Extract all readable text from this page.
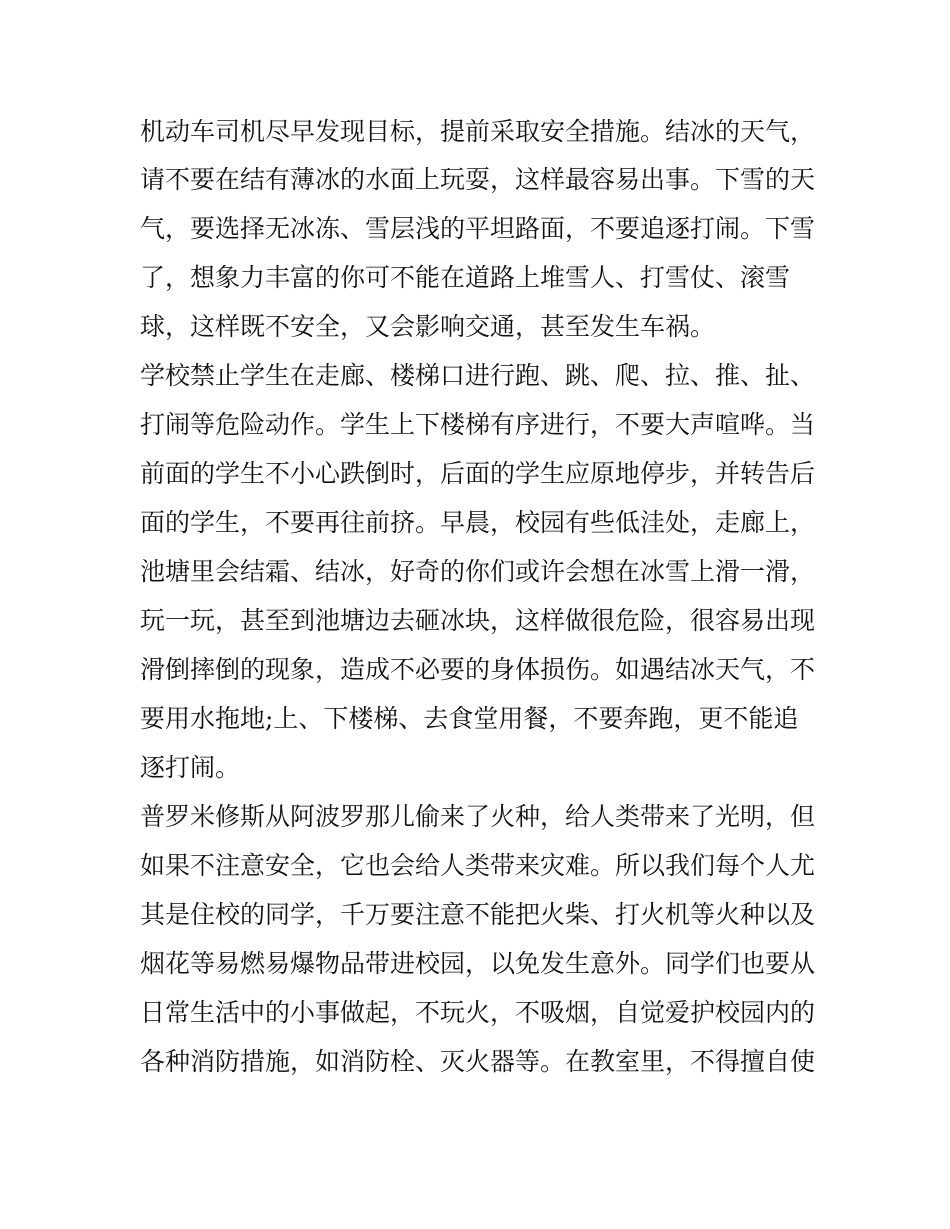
机动车司机尽早发现目标，提前采取安全措施。结冰的天气，

请不要在结有薄冰的水面上玩耍，这样最容易出事。下雪的天

气，要选择无冰冻、雪层浅的平坦路面，不要追逐打闹。下雪

了，想象力丰富的你可不能在道路上堆雪人、打雪仗、滚雪

球，这样既不安全，又会影响交通，甚至发生车祸。

学校禁止学生在走廊、楼梯口进行跑、跳、爬、拉、推、扯、

打闹等危险动作。学生上下楼梯有序进行，不要大声喧哗。当

前面的学生不小心跌倒时，后面的学生应原地停步，并转告后

面的学生，不要再往前挤。早晨，校园有些低洼处，走廊上，

池塘里会结霜、结冰，好奇的你们或许会想在冰雪上滑一滑，

玩一玩，甚至到池塘边去砸冰块，这样做很危险，很容易出现

滑倒摔倒的现象，造成不必要的身体损伤。如遇结冰天气，不

要用水拖地;上、下楼梯、去食堂用餐，不要奔跑，更不能追

逐打闹。

普罗米修斯从阿波罗那儿偷来了火种，给人类带来了光明，但

如果不注意安全，它也会给人类带来灾难。所以我们每个人尤

其是住校的同学，千万要注意不能把火柴、打火机等火种以及

烟花等易燃易爆物品带进校园，以免发生意外。同学们也要从

日常生活中的小事做起，不玩火，不吸烟，自觉爱护校园内的

各种消防措施，如消防栓、灭火器等。在教室里，不得擅自使
